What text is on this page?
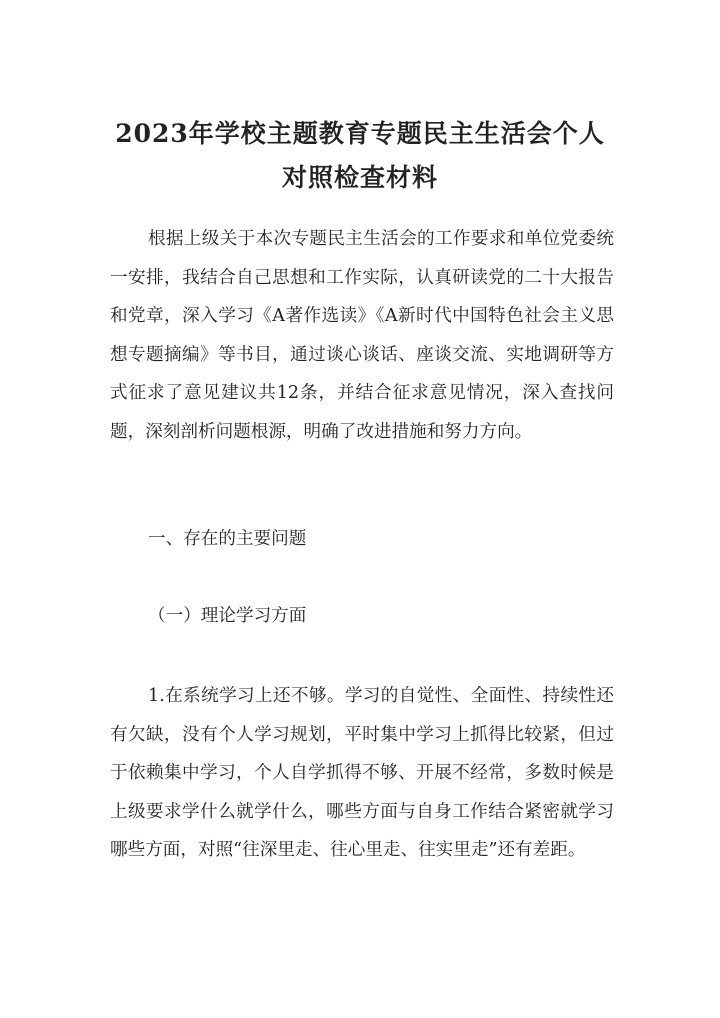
2023年学校主题教育专题民主生活会个人
对照检查材料

根据上级关于本次专题民主生活会的工作要求和单位党委统一安排，我结合自己思想和工作实际，认真研读党的二十大报告和党章，深入学习《A著作选读》《A新时代中国特色社会主义思想专题摘编》等书目，通过谈心谈话、座谈交流、实地调研等方式征求了意见建议共12条，并结合征求意见情况，深入查找问题，深刻剖析问题根源，明确了改进措施和努力方向。

一、存在的主要问题

（一）理论学习方面

1.在系统学习上还不够。学习的自觉性、全面性、持续性还有欠缺，没有个人学习规划，平时集中学习上抓得比较紧，但过于依赖集中学习，个人自学抓得不够、开展不经常，多数时候是上级要求学什么就学什么，哪些方面与自身工作结合紧密就学习哪些方面，对照“往深里走、往心里走、往实里走”还有差距。
